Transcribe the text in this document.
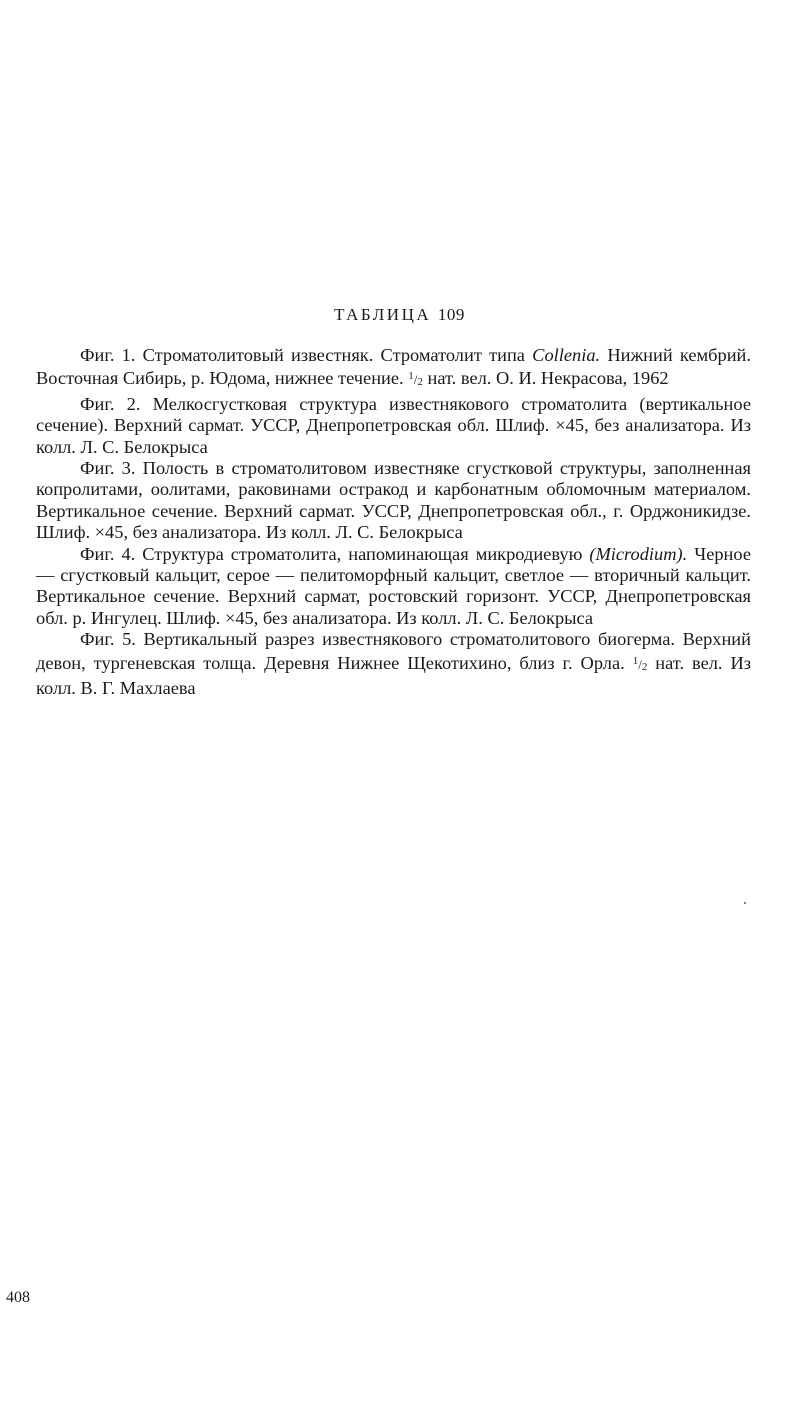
ТАБЛИЦА 109

Фиг. 1. Строматолитовый известняк. Строматолит типа Collenia. Нижний кембрий. Восточная Сибирь, р. Юдома, нижнее течение. $^1/_2$ нат. вел. О. И. Некрасова, 1962

Фиг. 2. Мелкосгустковая структура известнякового строматолита (вертикальное сечение). Верхний сармат. УССР, Днепропетровская обл. Шлиф. ×45, без анализатора. Из колл. Л. С. Белокрыса

Фиг. 3. Полость в строматолитовом известняке сгустковой структуры, заполненная копролитами, оолитами, раковинами остракод и карбонатным обломочным материалом. Вертикальное сечение. Верхний сармат. УССР, Днепропетровская обл., г. Орджоникидзе. Шлиф. ×45, без анализатора. Из колл. Л. С. Белокрыса

Фиг. 4. Структура строматолита, напоминающая микродиевую (Microdium). Черное — сгустковый кальцит, серое — пелитоморфный кальцит, светлое — вторичный кальцит. Вертикальное сечение. Верхний сармат, ростовский горизонт. УССР, Днепропетровская обл. р. Ингулец. Шлиф. ×45, без анализатора. Из колл. Л. С. Белокрыса

Фиг. 5. Вертикальный разрез известнякового строматолитового биогерма. Верхний девон, тургеневская толща. Деревня Нижнее Щекотихино, близ г. Орла. $^1/_2$ нат. вел. Из колл. В. Г. Махлаева

408
